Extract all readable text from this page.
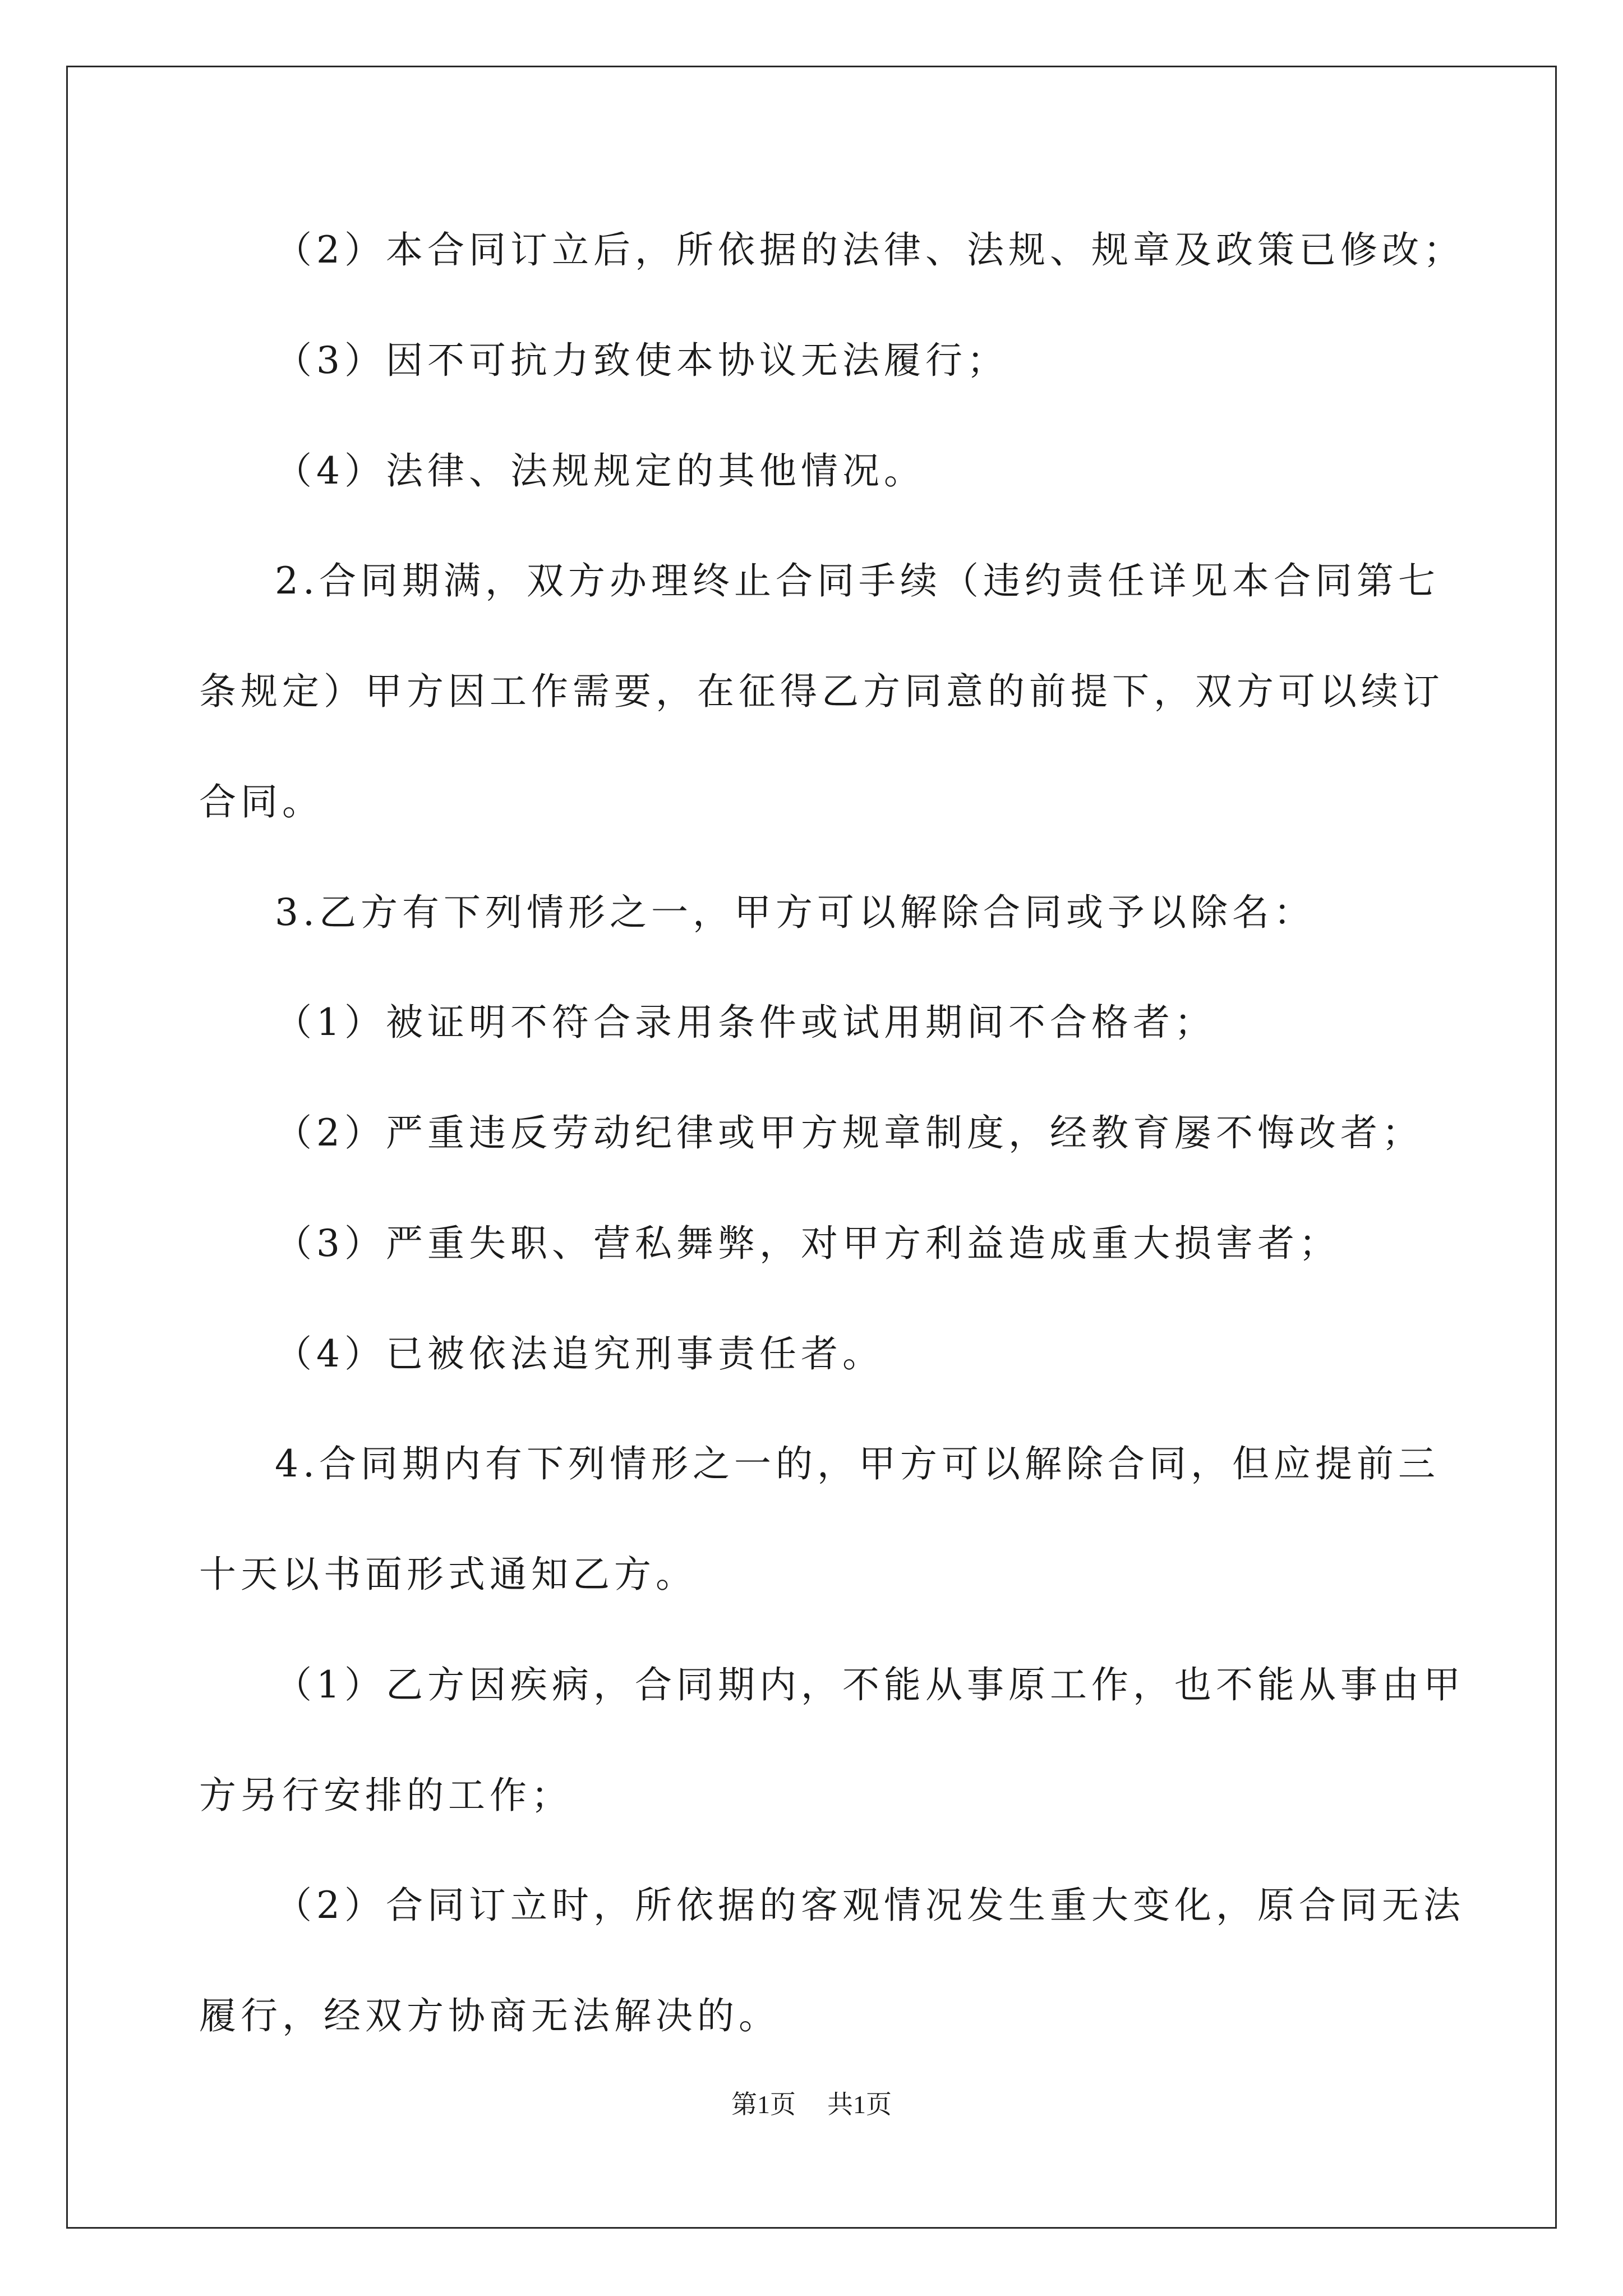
（2）本合同订立后，所依据的法律、法规、规章及政策已修改；
（3）因不可抗力致使本协议无法履行；
（4）法律、法规规定的其他情况。
2.合同期满，双方办理终止合同手续（违约责任详见本合同第七
条规定）甲方因工作需要，在征得乙方同意的前提下，双方可以续订
合同。
3.乙方有下列情形之一，甲方可以解除合同或予以除名：
（1）被证明不符合录用条件或试用期间不合格者；
（2）严重违反劳动纪律或甲方规章制度，经教育屡不悔改者；
（3）严重失职、营私舞弊，对甲方利益造成重大损害者；
（4）已被依法追究刑事责任者。
4.合同期内有下列情形之一的，甲方可以解除合同，但应提前三
十天以书面形式通知乙方。
（1）乙方因疾病，合同期内，不能从事原工作，也不能从事由甲
方另行安排的工作；
（2）合同订立时，所依据的客观情况发生重大变化，原合同无法
履行，经双方协商无法解决的。
第1页 共1页
